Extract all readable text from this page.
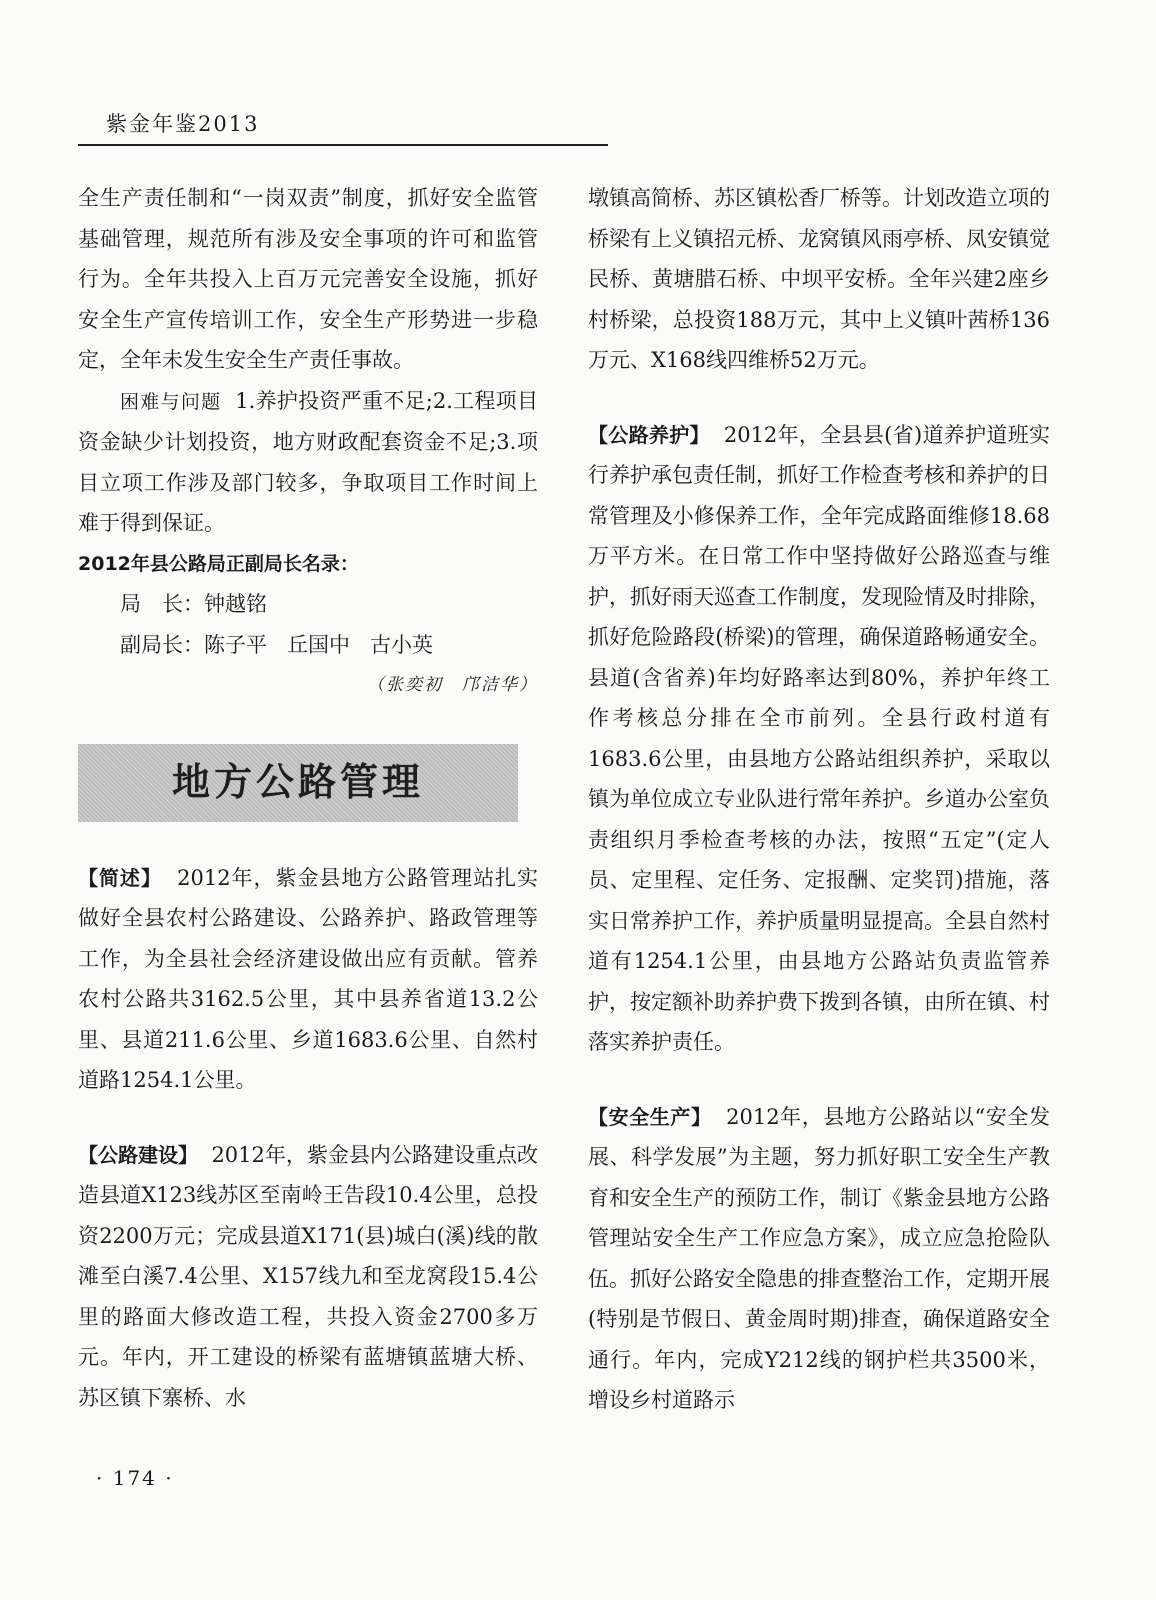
紫金年鉴2013

全生产责任制和“一岗双责”制度，抓好安全监管基础管理，规范所有涉及安全事项的许可和监管行为。全年共投入上百万元完善安全设施，抓好安全生产宣传培训工作，安全生产形势进一步稳定，全年未发生安全生产责任事故。

困难与问题 1.养护投资严重不足;2.工程项目资金缺少计划投资，地方财政配套资金不足;3.项目立项工作涉及部门较多，争取项目工作时间上难于得到保证。

2012年县公路局正副局长名录：
局　长：钟越铭
副局长：陈子平 丘国中 古小英
（张奕初　邝洁华）
地方公路管理

【简述】 2012年，紫金县地方公路管理站扎实做好全县农村公路建设、公路养护、路政管理等工作，为全县社会经济建设做出应有贡献。管养农村公路共3162.5公里，其中县养省道13.2公里、县道211.6公里、乡道1683.6公里、自然村道路1254.1公里。

【公路建设】 2012年，紫金县内公路建设重点改造县道X123线苏区至南岭王告段10.4公里，总投资2200万元；完成县道X171(县)城白(溪)线的散滩至白溪7.4公里、X157线九和至龙窝段15.4公里的路面大修改造工程，共投入资金2700多万元。年内，开工建设的桥梁有蓝塘镇蓝塘大桥、苏区镇下寨桥、水

墩镇高简桥、苏区镇松香厂桥等。计划改造立项的桥梁有上义镇招元桥、龙窝镇风雨亭桥、凤安镇觉民桥、黄塘腊石桥、中坝平安桥。全年兴建2座乡村桥梁，总投资188万元，其中上义镇叶茜桥136万元、X168线四维桥52万元。

【公路养护】 2012年，全县县(省)道养护道班实行养护承包责任制，抓好工作检查考核和养护的日常管理及小修保养工作，全年完成路面维修18.68万平方米。在日常工作中坚持做好公路巡查与维护，抓好雨天巡查工作制度，发现险情及时排除，抓好危险路段(桥梁)的管理，确保道路畅通安全。县道(含省养)年均好路率达到80%，养护年终工作考核总分排在全市前列。全县行政村道有1683.6公里，由县地方公路站组织养护，采取以镇为单位成立专业队进行常年养护。乡道办公室负责组织月季检查考核的办法，按照“五定”(定人员、定里程、定任务、定报酬、定奖罚)措施，落实日常养护工作，养护质量明显提高。全县自然村道有1254.1公里，由县地方公路站负责监管养护，按定额补助养护费下拨到各镇，由所在镇、村落实养护责任。

【安全生产】 2012年，县地方公路站以“安全发展、科学发展”为主题，努力抓好职工安全生产教育和安全生产的预防工作，制订《紫金县地方公路管理站安全生产工作应急方案》，成立应急抢险队伍。抓好公路安全隐患的排查整治工作，定期开展(特别是节假日、黄金周时期)排查，确保道路安全通行。年内，完成Y212线的钢护栏共3500米，增设乡村道路示

· 174 ·
